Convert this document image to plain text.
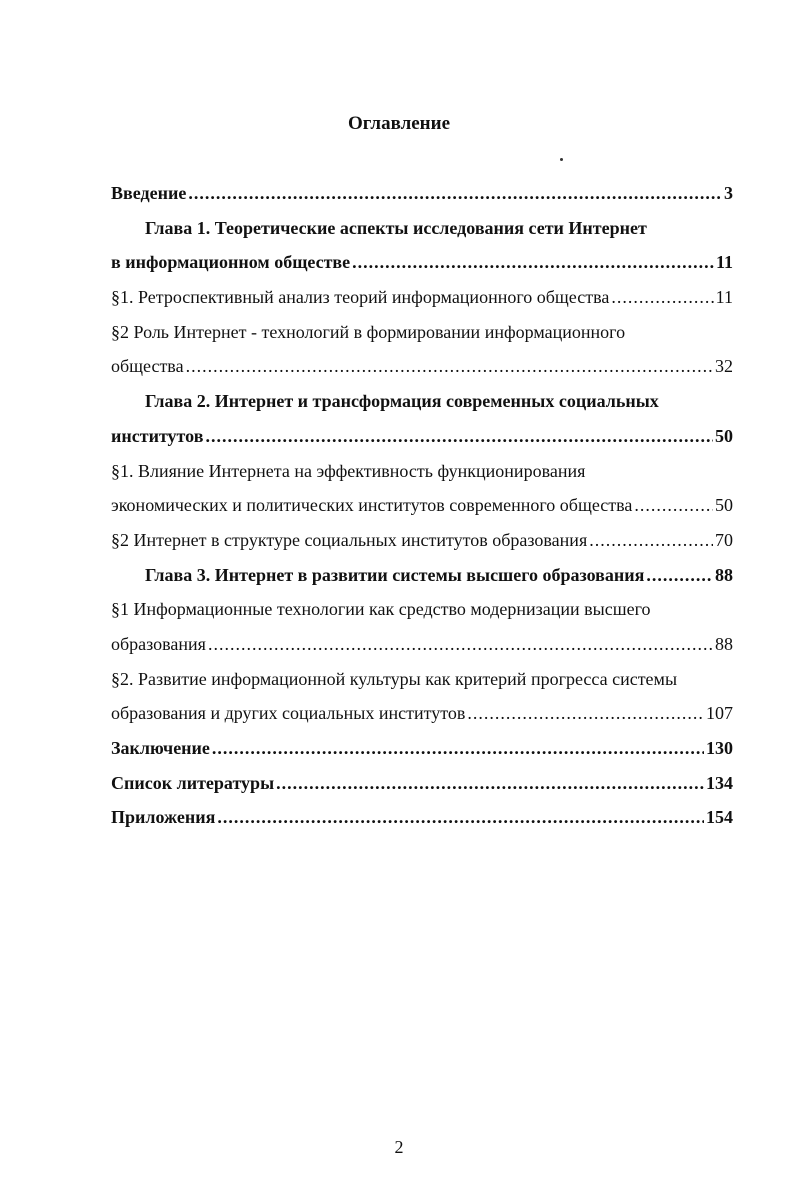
Оглавление
Введение .....	3
Глава 1. Теоретические аспекты исследования сети Интернет
в информационном обществе .....	11
§1. Ретроспективный анализ теорий информационного общества .....	11
§2 Роль Интернет - технологий в формировании информационного
общества .....	32
Глава 2. Интернет и трансформация современных социальных
институтов .....	50
§1. Влияние Интернета на эффективность функционирования
экономических и политических институтов современного общества .....	50
§2 Интернет в структуре социальных институтов образования .....	70
Глава 3. Интернет в развитии системы высшего образования .....	88
§1 Информационные технологии как средство модернизации высшего
образования .....	88
§2. Развитие информационной культуры как критерий прогресса системы
образования и других социальных институтов .....	107
Заключение .....	130
Список литературы .....	134
Приложения .....	154
2
